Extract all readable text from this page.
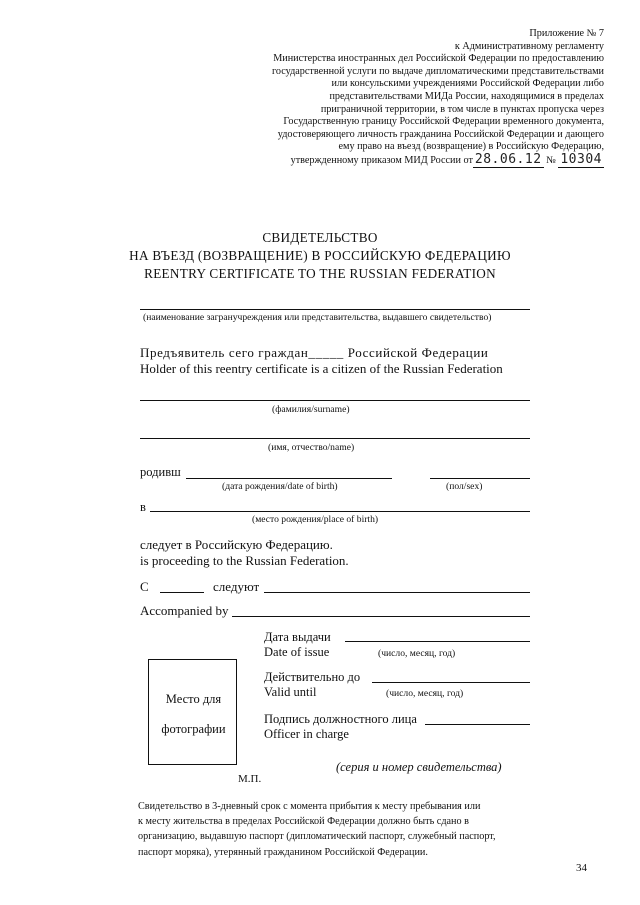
Приложение № 7
к Административному регламенту
Министерства иностранных дел Российской Федерации по предоставлению
государственной услуги по выдаче дипломатическими представительствами
или консульскими учреждениями Российской Федерации либо
представительствами МИДа России, находящимися в пределах
приграничной территории, в том числе в пунктах пропуска через
Государственную границу Российской Федерации временного документа,
удостоверяющего личность гражданина Российской Федерации и дающего
ему право на въезд (возвращение) в Российскую Федерацию,
утвержденному приказом МИД России от 28.06.12 № 10304
СВИДЕТЕЛЬСТВО
НА ВЪЕЗД (ВОЗВРАЩЕНИЕ) В РОССИЙСКУЮ ФЕДЕРАЦИЮ
REENTRY CERTIFICATE TO THE RUSSIAN FEDERATION
(наименование загранучреждения или представительства, выдавшего свидетельство)
Предъявитель сего граждан_____ Российской Федерации
Holder of this reentry certificate is a citizen of the Russian Federation
(фамилия/surname)
(имя, отчество/name)
родивш
(дата рождения/date of birth)	(пол/sex)
в
(место рождения/place of birth)
следует в Российскую Федерацию.
is proceeding to the Russian Federation.
С	следуют
Accompanied by
Дата выдачи
Date of issue	(число, месяц, год)
Действительно до
Valid until	(число, месяц, год)
Подпись должностного лица
Officer in charge
Место для
фотографии
(серия и номер свидетельства)
М.П.
Свидетельство в 3-дневный срок с момента прибытия к месту пребывания или
к месту жительства в пределах Российской Федерации должно быть сдано в
организацию, выдавшую паспорт (дипломатический паспорт, служебный паспорт,
паспорт моряка), утерянный гражданином Российской Федерации.
34
